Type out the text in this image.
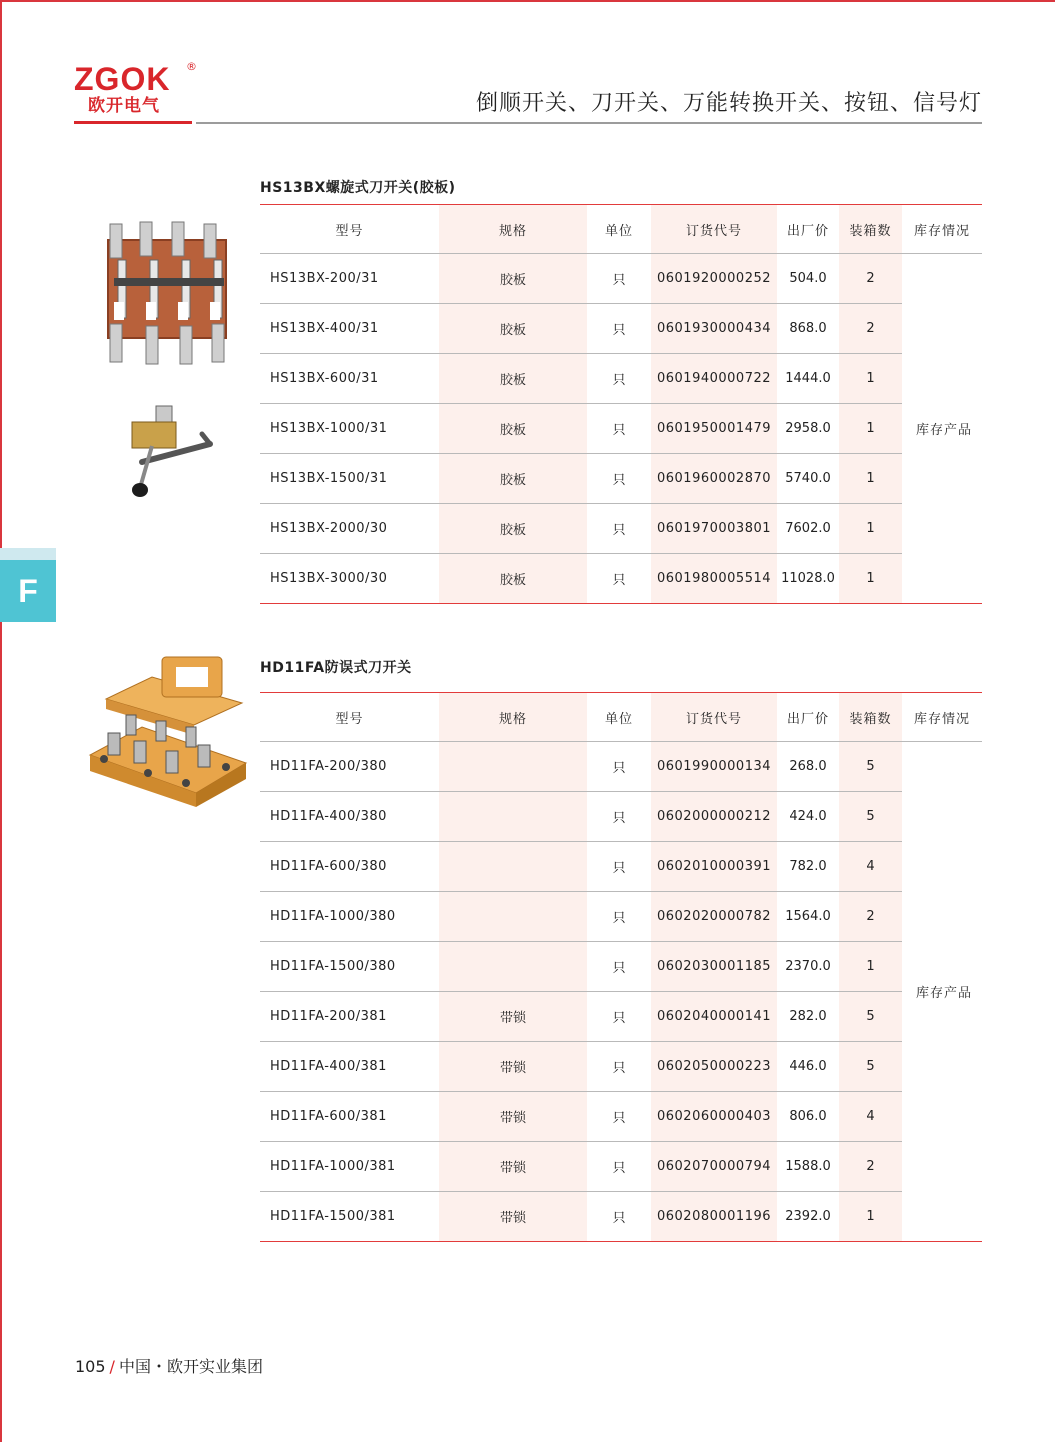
ZGOK ®
欧开电气	倒顺开关、刀开关、万能转换开关、按钮、信号灯
F
HS13BX螺旋式刀开关(胶板)
型号	规格	单位	订货代号	出厂价	装箱数	库存情况
HS13BX-200/31	胶板	只	0601920000252	504.0	2	库存产品
HS13BX-400/31	胶板	只	0601930000434	868.0	2	
HS13BX-600/31	胶板	只	0601940000722	1444.0	1	
HS13BX-1000/31	胶板	只	0601950001479	2958.0	1	
HS13BX-1500/31	胶板	只	0601960002870	5740.0	1	
HS13BX-2000/30	胶板	只	0601970003801	7602.0	1	
HS13BX-3000/30	胶板	只	0601980005514	11028.0	1	
HD11FA防误式刀开关
型号	规格	单位	订货代号	出厂价	装箱数	库存情况
HD11FA-200/380		只	0601990000134	268.0	5	库存产品
HD11FA-400/380		只	0602000000212	424.0	5	
HD11FA-600/380		只	0602010000391	782.0	4	
HD11FA-1000/380		只	0602020000782	1564.0	2	
HD11FA-1500/380		只	0602030001185	2370.0	1	
HD11FA-200/381	带锁	只	0602040000141	282.0	5	
HD11FA-400/381	带锁	只	0602050000223	446.0	5	
HD11FA-600/381	带锁	只	0602060000403	806.0	4	
HD11FA-1000/381	带锁	只	0602070000794	1588.0	2	
HD11FA-1500/381	带锁	只	0602080001196	2392.0	1	
105 / 中国・欧开实业集团
